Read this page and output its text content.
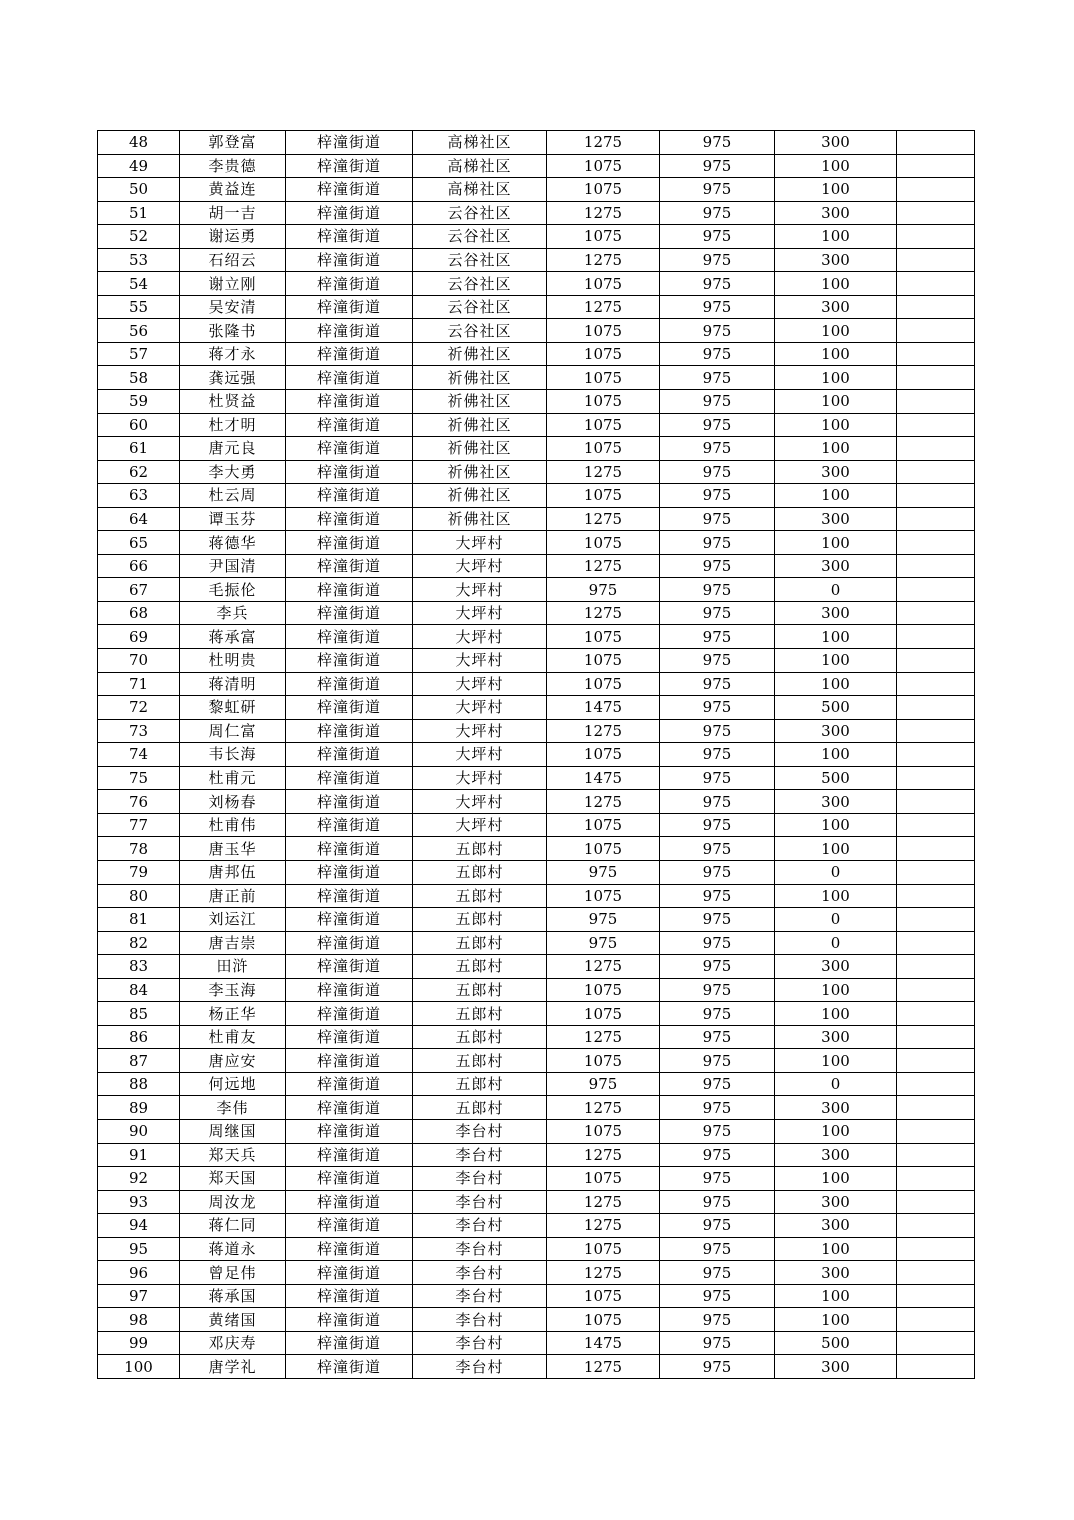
48	郭登富	梓潼街道	高梯社区	1275	975	300	
49	李贵德	梓潼街道	高梯社区	1075	975	100	
50	黄益连	梓潼街道	高梯社区	1075	975	100	
51	胡一吉	梓潼街道	云谷社区	1275	975	300	
52	谢运勇	梓潼街道	云谷社区	1075	975	100	
53	石绍云	梓潼街道	云谷社区	1275	975	300	
54	谢立刚	梓潼街道	云谷社区	1075	975	100	
55	吴安清	梓潼街道	云谷社区	1275	975	300	
56	张隆书	梓潼街道	云谷社区	1075	975	100	
57	蒋才永	梓潼街道	祈佛社区	1075	975	100	
58	龚远强	梓潼街道	祈佛社区	1075	975	100	
59	杜贤益	梓潼街道	祈佛社区	1075	975	100	
60	杜才明	梓潼街道	祈佛社区	1075	975	100	
61	唐元良	梓潼街道	祈佛社区	1075	975	100	
62	李大勇	梓潼街道	祈佛社区	1275	975	300	
63	杜云周	梓潼街道	祈佛社区	1075	975	100	
64	谭玉芬	梓潼街道	祈佛社区	1275	975	300	
65	蒋德华	梓潼街道	大坪村	1075	975	100	
66	尹国清	梓潼街道	大坪村	1275	975	300	
67	毛振伦	梓潼街道	大坪村	975	975	0	
68	李兵	梓潼街道	大坪村	1275	975	300	
69	蒋承富	梓潼街道	大坪村	1075	975	100	
70	杜明贵	梓潼街道	大坪村	1075	975	100	
71	蒋清明	梓潼街道	大坪村	1075	975	100	
72	黎虹研	梓潼街道	大坪村	1475	975	500	
73	周仁富	梓潼街道	大坪村	1275	975	300	
74	韦长海	梓潼街道	大坪村	1075	975	100	
75	杜甫元	梓潼街道	大坪村	1475	975	500	
76	刘杨春	梓潼街道	大坪村	1275	975	300	
77	杜甫伟	梓潼街道	大坪村	1075	975	100	
78	唐玉华	梓潼街道	五郎村	1075	975	100	
79	唐邦伍	梓潼街道	五郎村	975	975	0	
80	唐正前	梓潼街道	五郎村	1075	975	100	
81	刘运江	梓潼街道	五郎村	975	975	0	
82	唐吉崇	梓潼街道	五郎村	975	975	0	
83	田浒	梓潼街道	五郎村	1275	975	300	
84	李玉海	梓潼街道	五郎村	1075	975	100	
85	杨正华	梓潼街道	五郎村	1075	975	100	
86	杜甫友	梓潼街道	五郎村	1275	975	300	
87	唐应安	梓潼街道	五郎村	1075	975	100	
88	何远地	梓潼街道	五郎村	975	975	0	
89	李伟	梓潼街道	五郎村	1275	975	300	
90	周继国	梓潼街道	李台村	1075	975	100	
91	郑天兵	梓潼街道	李台村	1275	975	300	
92	郑天国	梓潼街道	李台村	1075	975	100	
93	周汝龙	梓潼街道	李台村	1275	975	300	
94	蒋仁同	梓潼街道	李台村	1275	975	300	
95	蒋道永	梓潼街道	李台村	1075	975	100	
96	曾足伟	梓潼街道	李台村	1275	975	300	
97	蒋承国	梓潼街道	李台村	1075	975	100	
98	黄绪国	梓潼街道	李台村	1075	975	100	
99	邓庆寿	梓潼街道	李台村	1475	975	500	
100	唐学礼	梓潼街道	李台村	1275	975	300	
